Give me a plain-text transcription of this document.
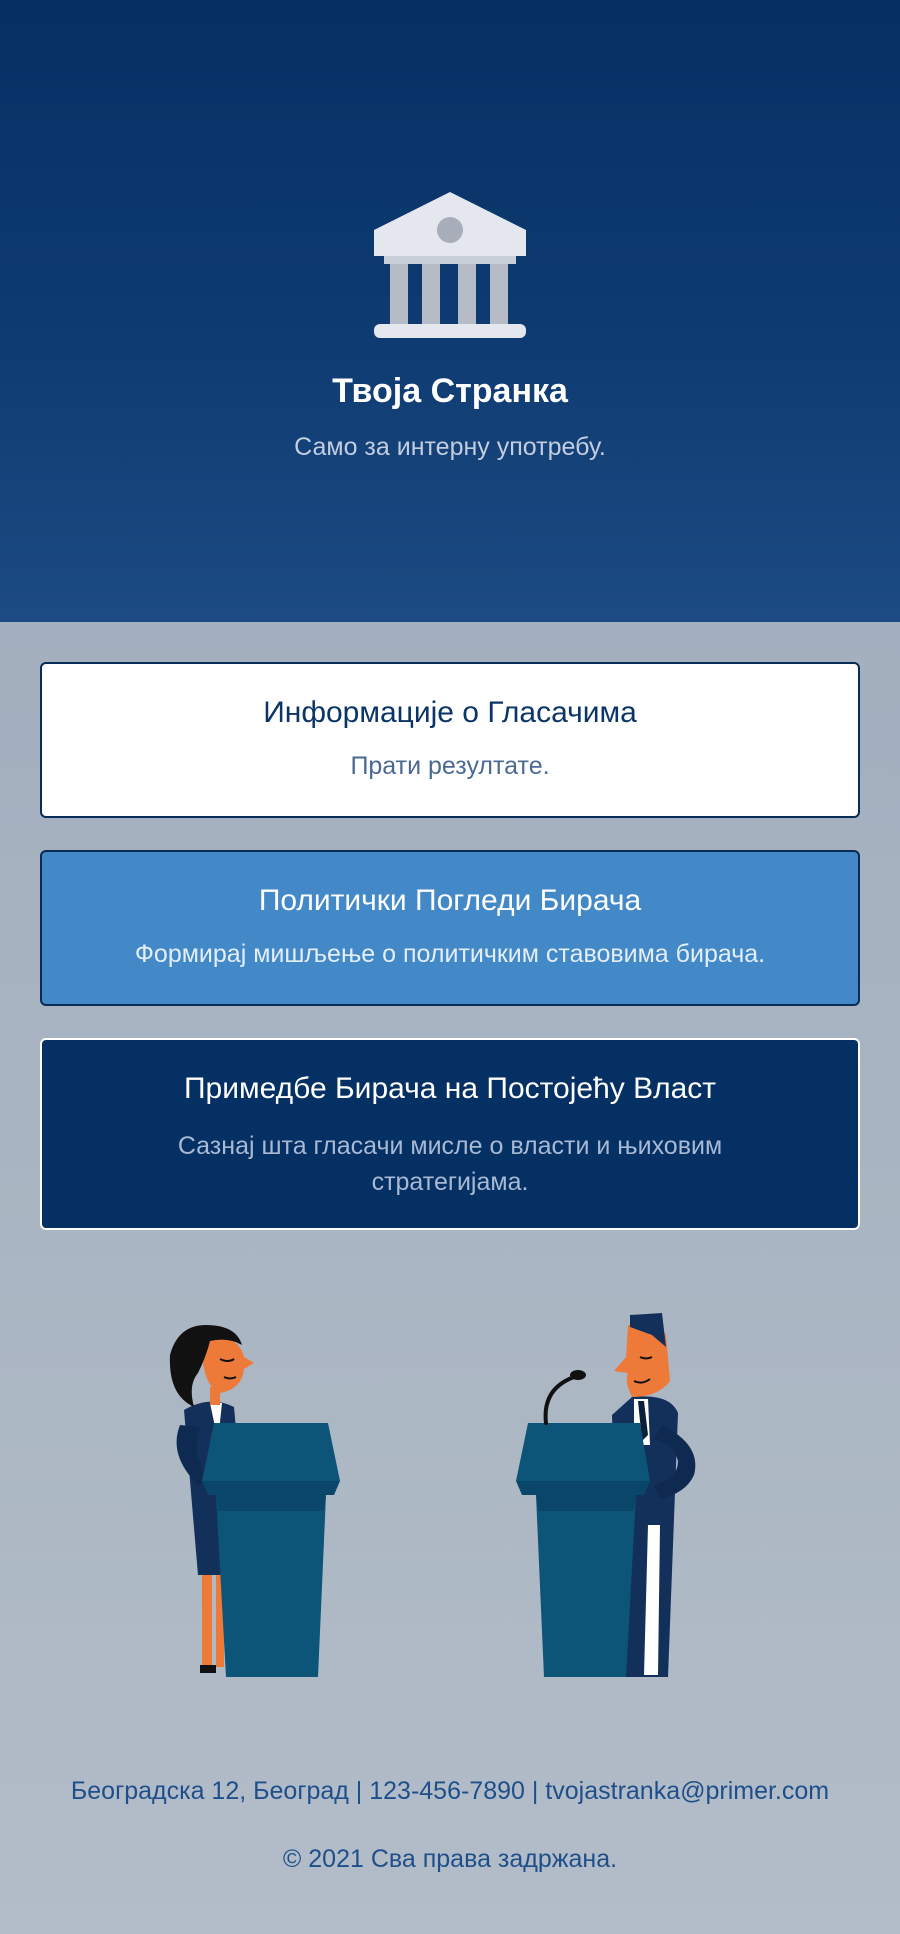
Твоја Странка
Само за интерну употребу.
Информације о Гласачима
Прати резултате.
Политички Погледи Бирача
Формирај мишљење о политичким ставовима бирача.
Примедбе Бирача на Постојећу Власт
Сазнај шта гласачи мисле о власти и њиховим стратегијама.
Београдска 12, Београд | 123-456-7890 | tvojastranka@primer.com
© 2021 Сва права задржана.
